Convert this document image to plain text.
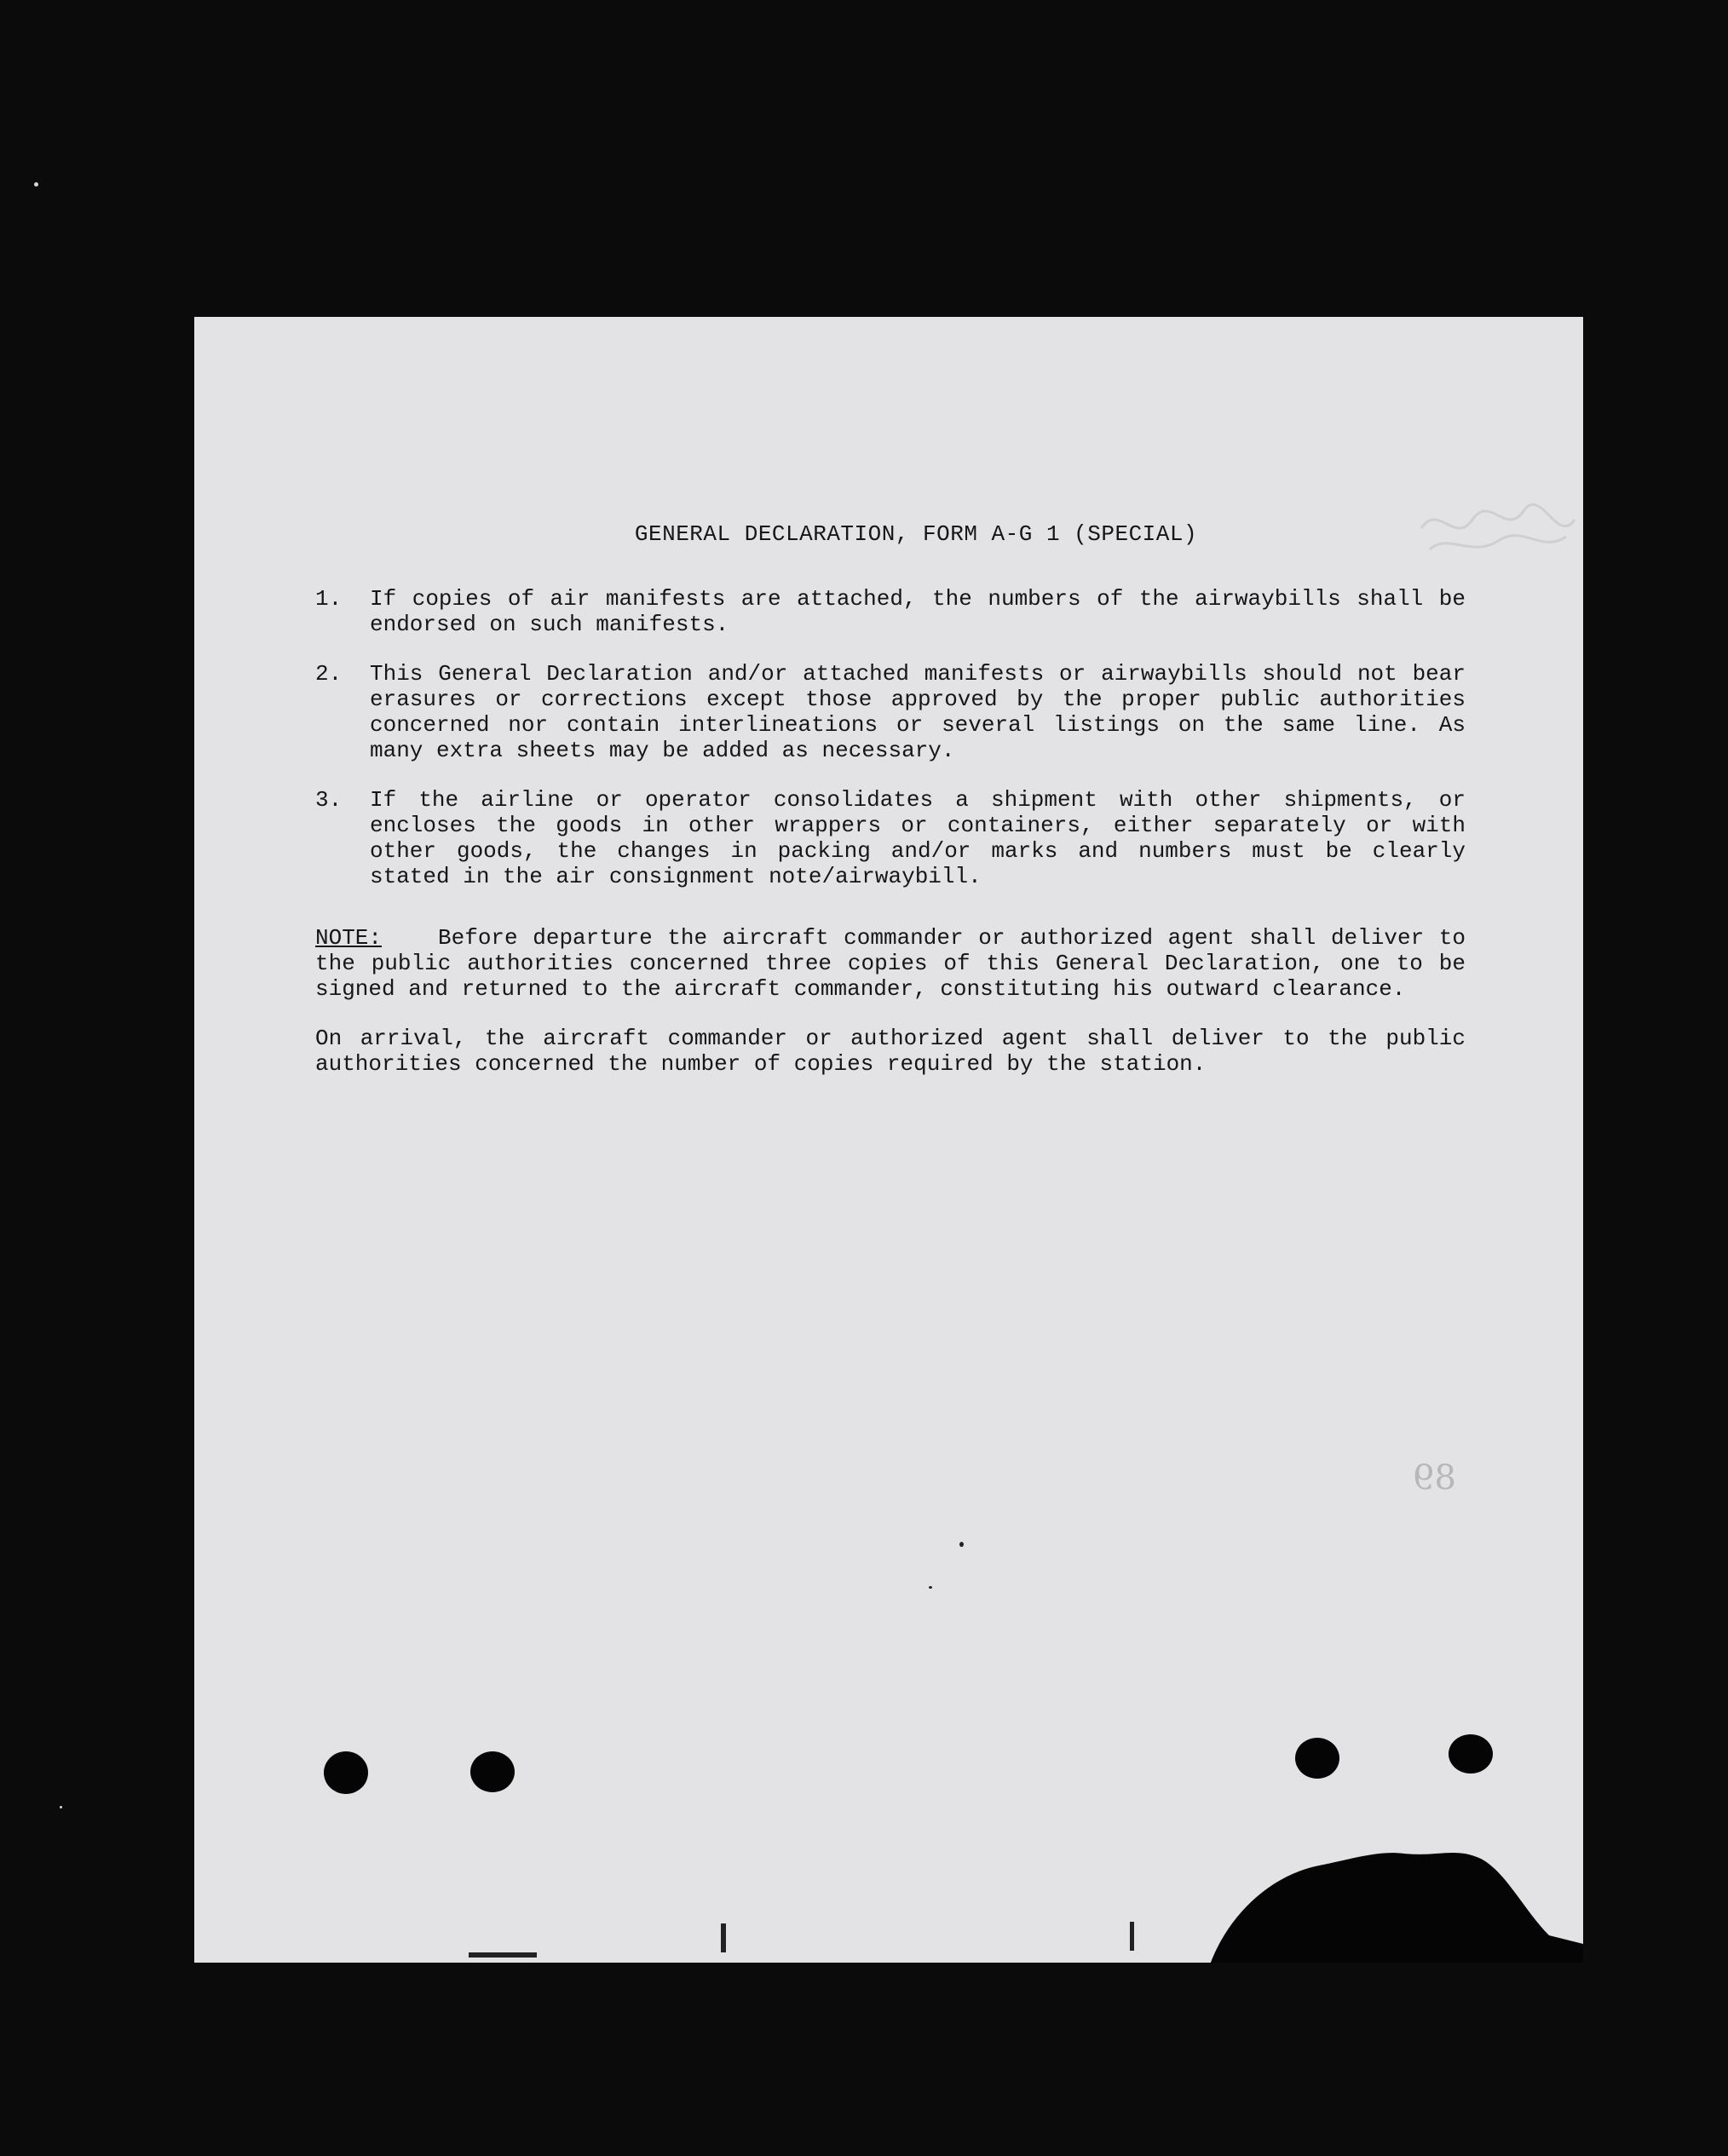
89
GENERAL DECLARATION, FORM A-G 1 (SPECIAL)
1.	If copies of air manifests are attached, the numbers of the airwaybills shall be endorsed on such manifests.
2.	This General Declaration and/or attached manifests or airwaybills should not bear erasures or corrections except those approved by the proper public authorities concerned nor contain interlineations or several listings on the same line. As many extra sheets may be added as necessary.
3.	If the airline or operator consolidates a shipment with other shipments, or encloses the goods in other wrappers or containers, either separately or with other goods, the changes in packing and/or marks and numbers must be clearly stated in the air consignment note/airwaybill.
NOTE:	Before departure the aircraft commander or authorized agent shall deliver to the public authorities concerned three copies of this General Declaration, one to be signed and returned to the aircraft commander, constituting his outward clearance.
On arrival, the aircraft commander or authorized agent shall deliver to the public authorities concerned the number of copies required by the station.
